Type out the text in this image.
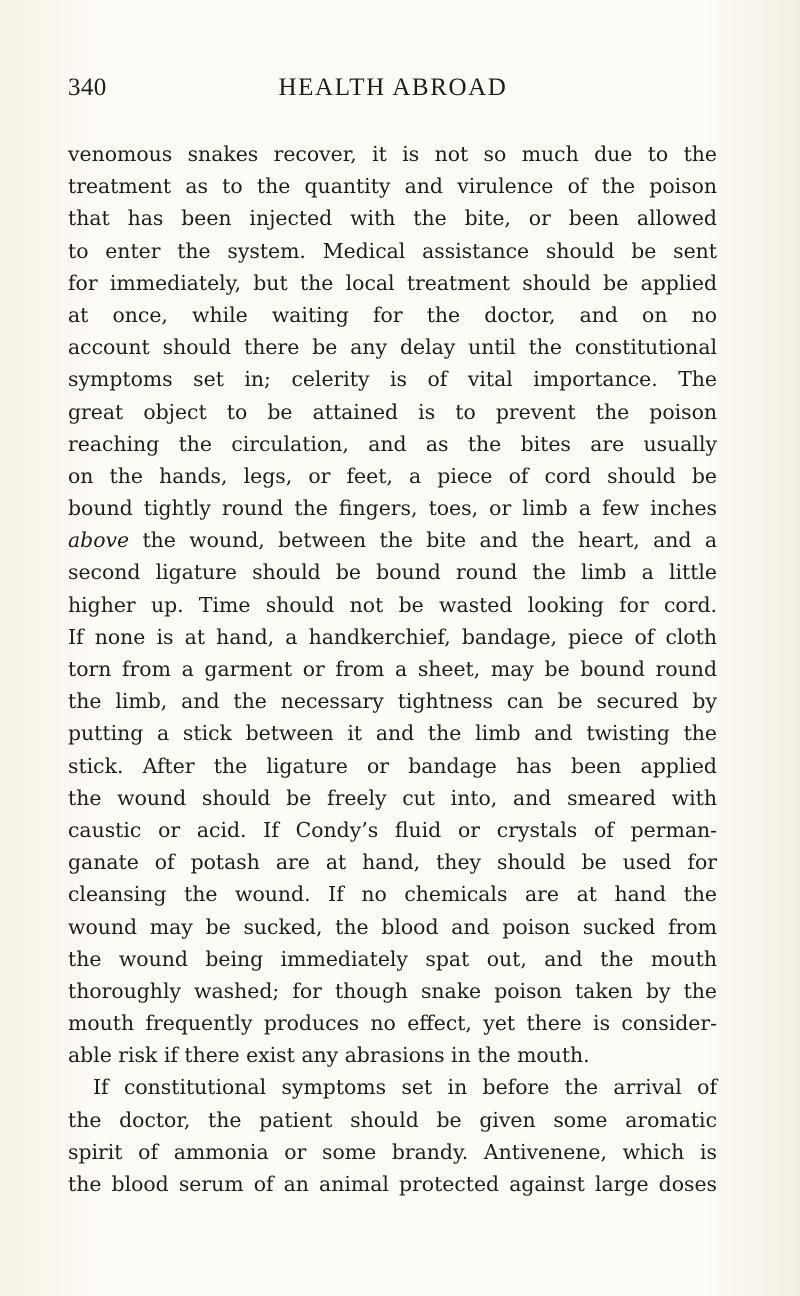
340	HEALTH ABROAD
venomous snakes recover, it is not so much due to the
treatment as to the quantity and virulence of the poison
that has been injected with the bite, or been allowed
to enter the system. Medical assistance should be sent
for immediately, but the local treatment should be applied
at once, while waiting for the doctor, and on no
account should there be any delay until the constitutional
symptoms set in; celerity is of vital importance. The
great object to be attained is to prevent the poison
reaching the circulation, and as the bites are usually
on the hands, legs, or feet, a piece of cord should be
bound tightly round the fingers, toes, or limb a few inches
above the wound, between the bite and the heart, and a
second ligature should be bound round the limb a little
higher up. Time should not be wasted looking for cord.
If none is at hand, a handkerchief, bandage, piece of cloth
torn from a garment or from a sheet, may be bound round
the limb, and the necessary tightness can be secured by
putting a stick between it and the limb and twisting the
stick. After the ligature or bandage has been applied
the wound should be freely cut into, and smeared with
caustic or acid. If Condy’s fluid or crystals of perman-
ganate of potash are at hand, they should be used for
cleansing the wound. If no chemicals are at hand the
wound may be sucked, the blood and poison sucked from
the wound being immediately spat out, and the mouth
thoroughly washed; for though snake poison taken by the
mouth frequently produces no effect, yet there is consider-
able risk if there exist any abrasions in the mouth.
If constitutional symptoms set in before the arrival of
the doctor, the patient should be given some aromatic
spirit of ammonia or some brandy. Antivenene, which is
the blood serum of an animal protected against large doses
